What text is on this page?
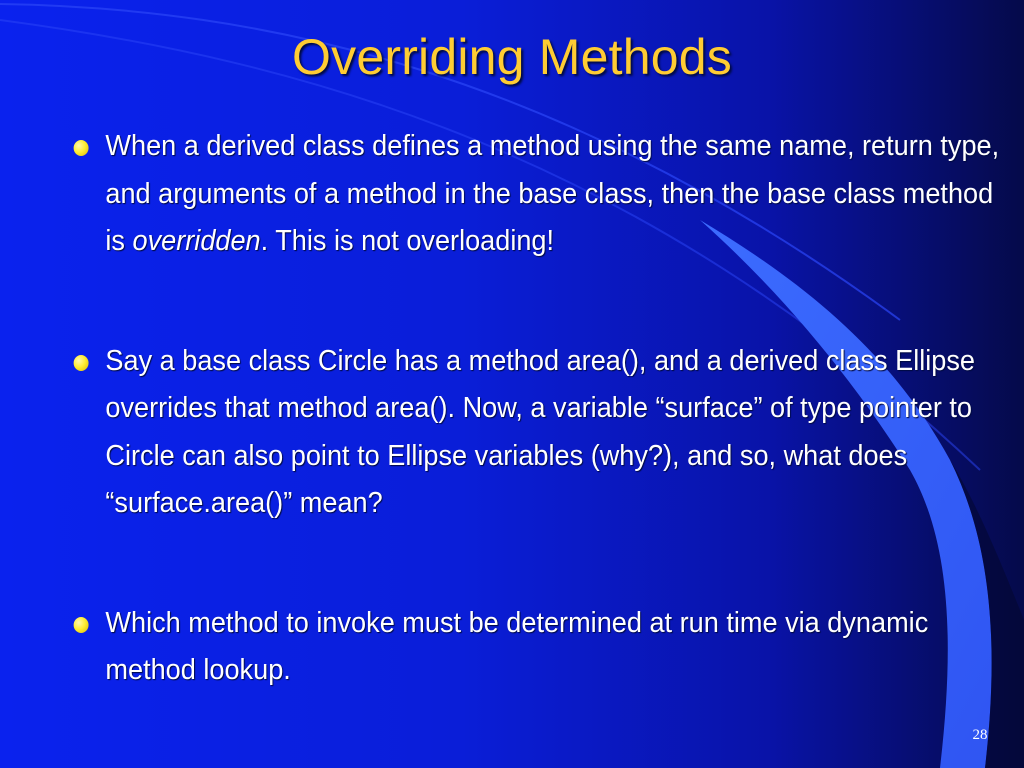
Overriding Methods
When a derived class defines a method using the same name, return type, and arguments of a method in the base class, then the base class method is overridden. This is not overloading!
Say a base class Circle has a method area(), and a derived class Ellipse overrides that method area(). Now, a variable “surface” of type pointer to Circle can also point to Ellipse variables (why?), and so, what does “surface.area()” mean?
Which method to invoke must be determined at run time via dynamic method lookup.
28
